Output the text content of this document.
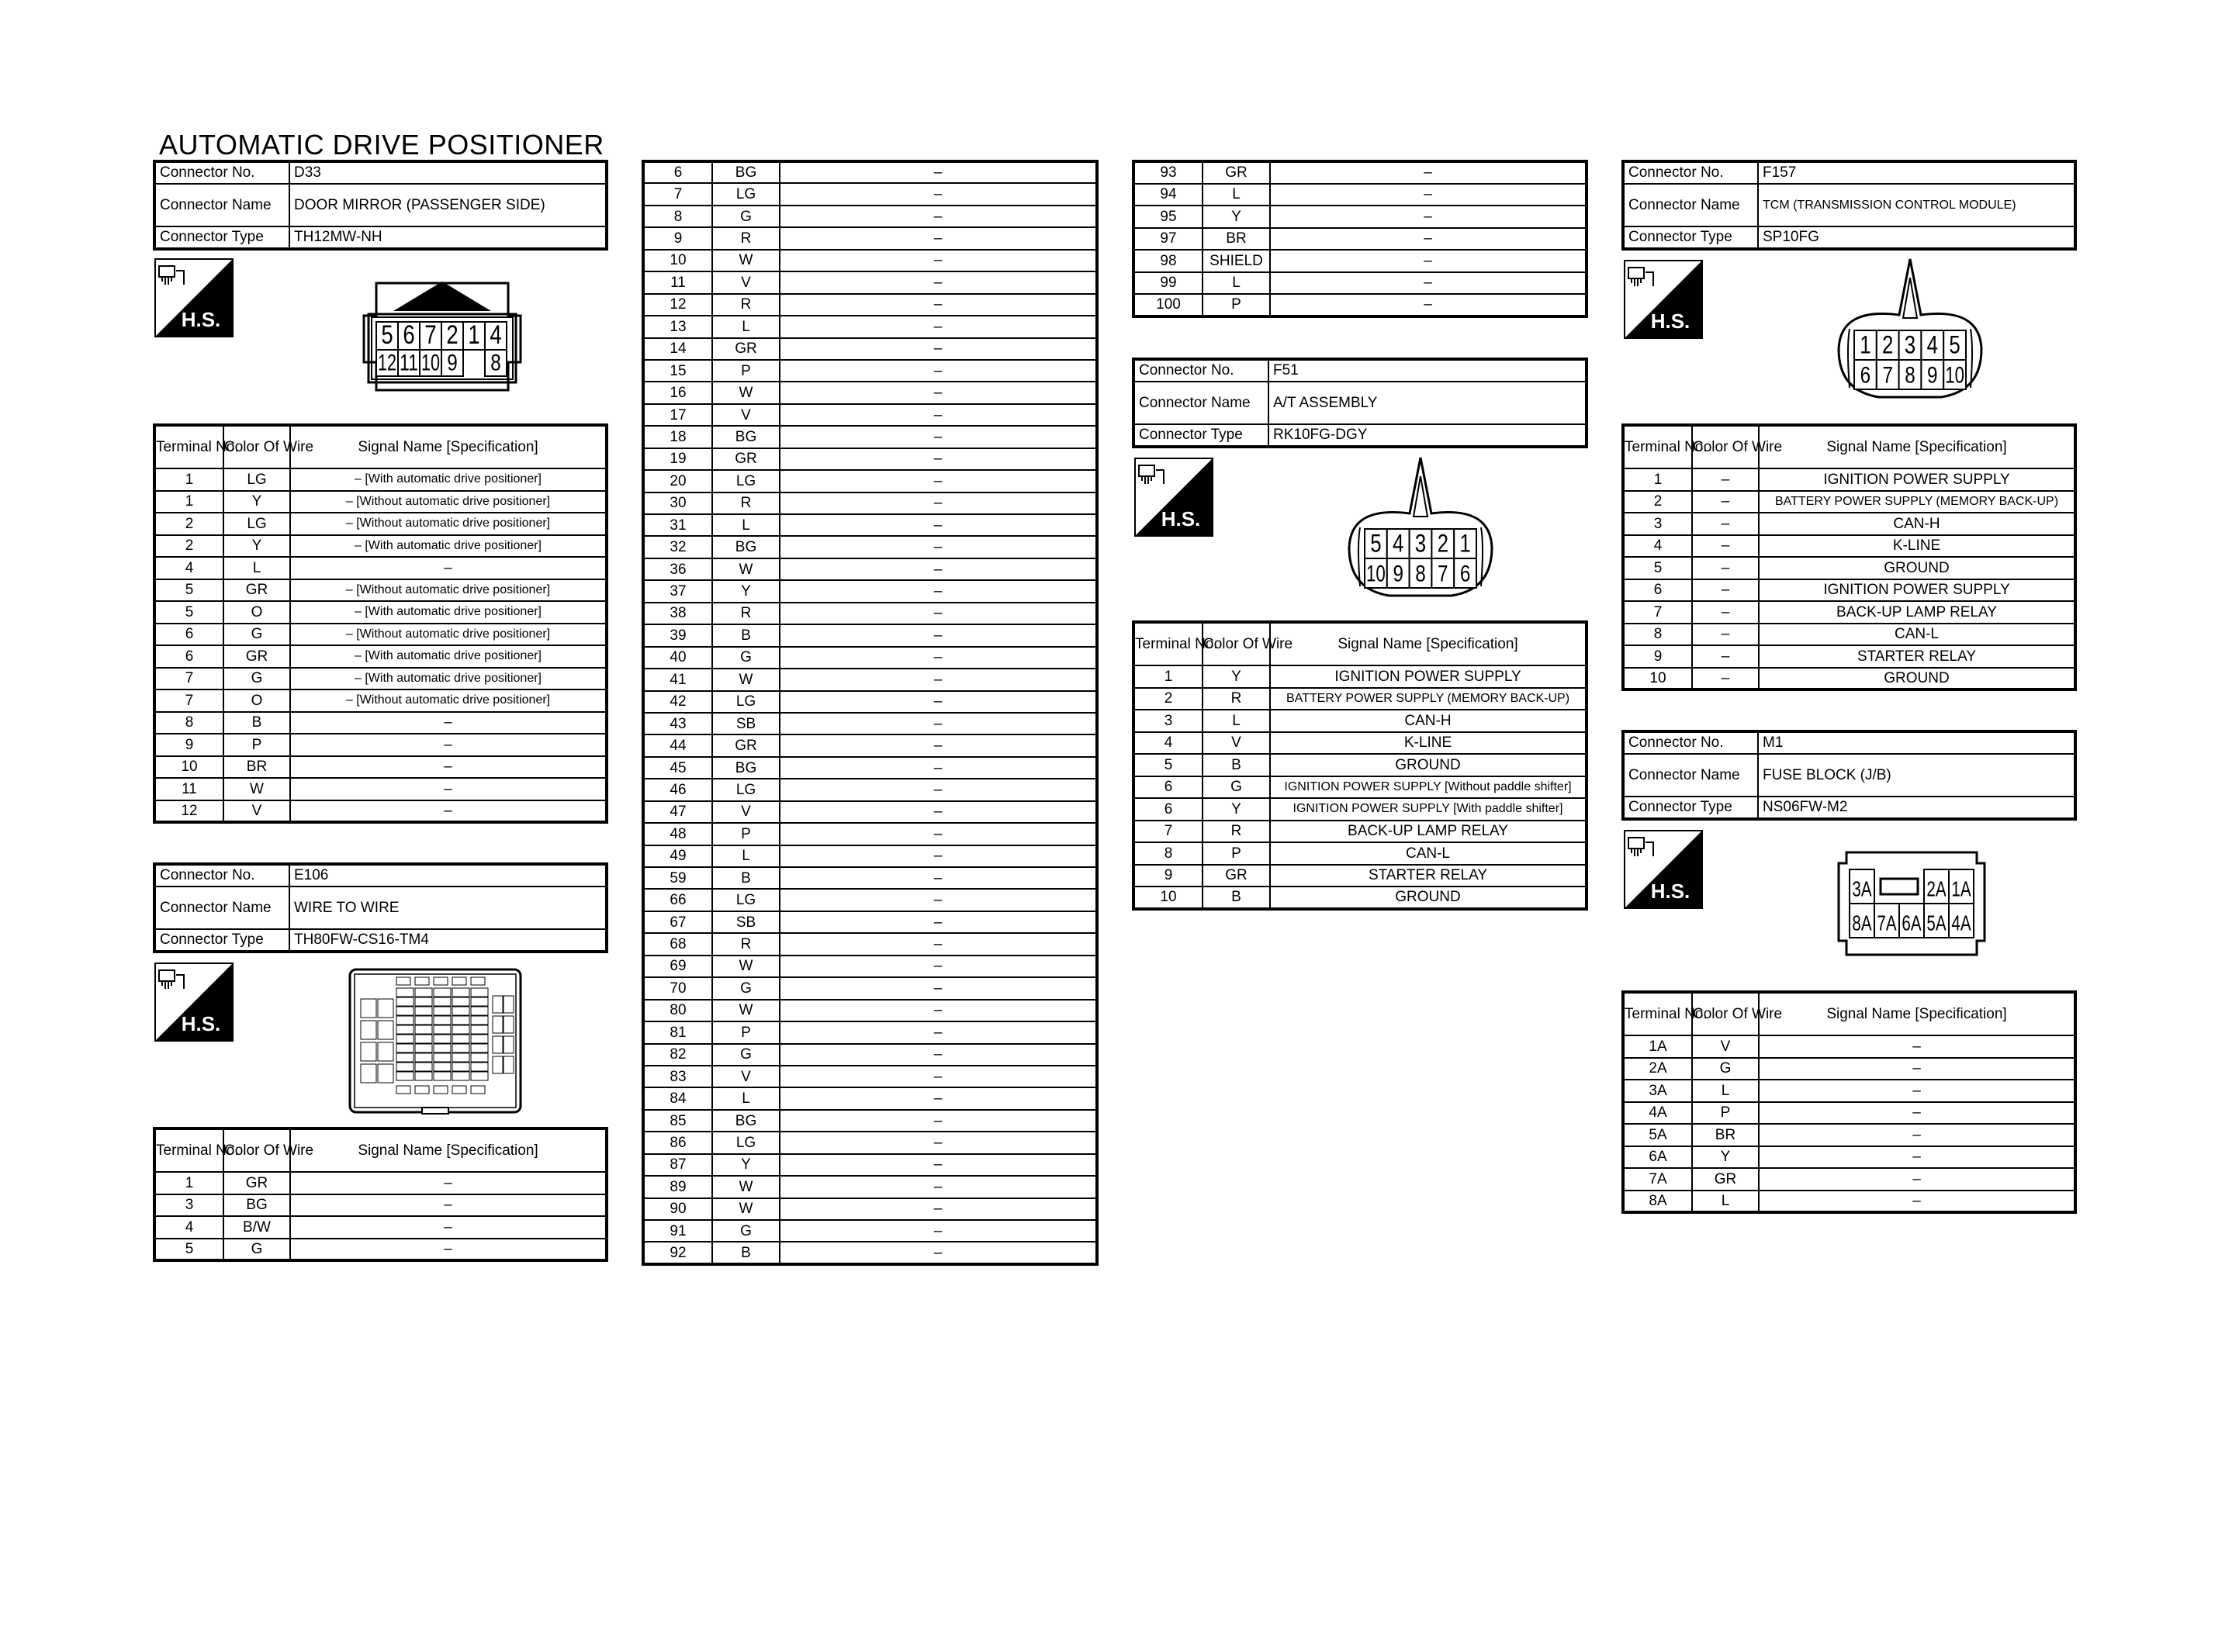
AUTOMATIC DRIVE POSITIONER
Connector No.	D33
Connector Name	DOOR MIRROR (PASSENGER SIDE)
Connector Type	TH12MW-NH
H.S.
5 6 7 2 1 4
12 11 10 9 8
Terminal No.	Color Of Wire	Signal Name [Specification]
1	LG	– [With automatic drive positioner]
1	Y	– [Without automatic drive positioner]
2	LG	– [Without automatic drive positioner]
2	Y	– [With automatic drive positioner]
4	L	–
5	GR	– [Without automatic drive positioner]
5	O	– [With automatic drive positioner]
6	G	– [Without automatic drive positioner]
6	GR	– [With automatic drive positioner]
7	G	– [With automatic drive positioner]
7	O	– [Without automatic drive positioner]
8	B	–
9	P	–
10	BR	–
11	W	–
12	V	–
Connector No.	E106
Connector Name	WIRE TO WIRE
Connector Type	TH80FW-CS16-TM4
H.S.
Terminal No.	Color Of Wire	Signal Name [Specification]
1	GR	–
3	BG	–
4	B/W	–
5	G	–
6	BG	–
7	LG	–
8	G	–
9	R	–
10	W	–
11	V	–
12	R	–
13	L	–
14	GR	–
15	P	–
16	W	–
17	V	–
18	BG	–
19	GR	–
20	LG	–
30	R	–
31	L	–
32	BG	–
36	W	–
37	Y	–
38	R	–
39	B	–
40	G	–
41	W	–
42	LG	–
43	SB	–
44	GR	–
45	BG	–
46	LG	–
47	V	–
48	P	–
49	L	–
59	B	–
66	LG	–
67	SB	–
68	R	–
69	W	–
70	G	–
80	W	–
81	P	–
82	G	–
83	V	–
84	L	–
85	BG	–
86	LG	–
87	Y	–
89	W	–
90	W	–
91	G	–
92	B	–
93	GR	–
94	L	–
95	Y	–
97	BR	–
98	SHIELD	–
99	L	–
100	P	–
Connector No.	F51
Connector Name	A/T ASSEMBLY
Connector Type	RK10FG-DGY
H.S.
5 4 3 2 1
10 9 8 7 6
Terminal No.	Color Of Wire	Signal Name [Specification]
1	Y	IGNITION POWER SUPPLY
2	R	BATTERY POWER SUPPLY (MEMORY BACK-UP)
3	L	CAN-H
4	V	K-LINE
5	B	GROUND
6	G	IGNITION POWER SUPPLY [Without paddle shifter]
6	Y	IGNITION POWER SUPPLY [With paddle shifter]
7	R	BACK-UP LAMP RELAY
8	P	CAN-L
9	GR	STARTER RELAY
10	B	GROUND
Connector No.	F157
Connector Name	TCM (TRANSMISSION CONTROL MODULE)
Connector Type	SP10FG
H.S.
1 2 3 4 5
6 7 8 9 10
Terminal No.	Color Of Wire	Signal Name [Specification]
1	–	IGNITION POWER SUPPLY
2	–	BATTERY POWER SUPPLY (MEMORY BACK-UP)
3	–	CAN-H
4	–	K-LINE
5	–	GROUND
6	–	IGNITION POWER SUPPLY
7	–	BACK-UP LAMP RELAY
8	–	CAN-L
9	–	STARTER RELAY
10	–	GROUND
Connector No.	M1
Connector Name	FUSE BLOCK (J/B)
Connector Type	NS06FW-M2
H.S.	3A	2A 1A
8A 7A 6A 5A 4A
Terminal No.	Color Of Wire	Signal Name [Specification]
1A	V	–
2A	G	–
3A	L	–
4A	P	–
5A	BR	–
6A	Y	–
7A	GR	–
8A	L	–
